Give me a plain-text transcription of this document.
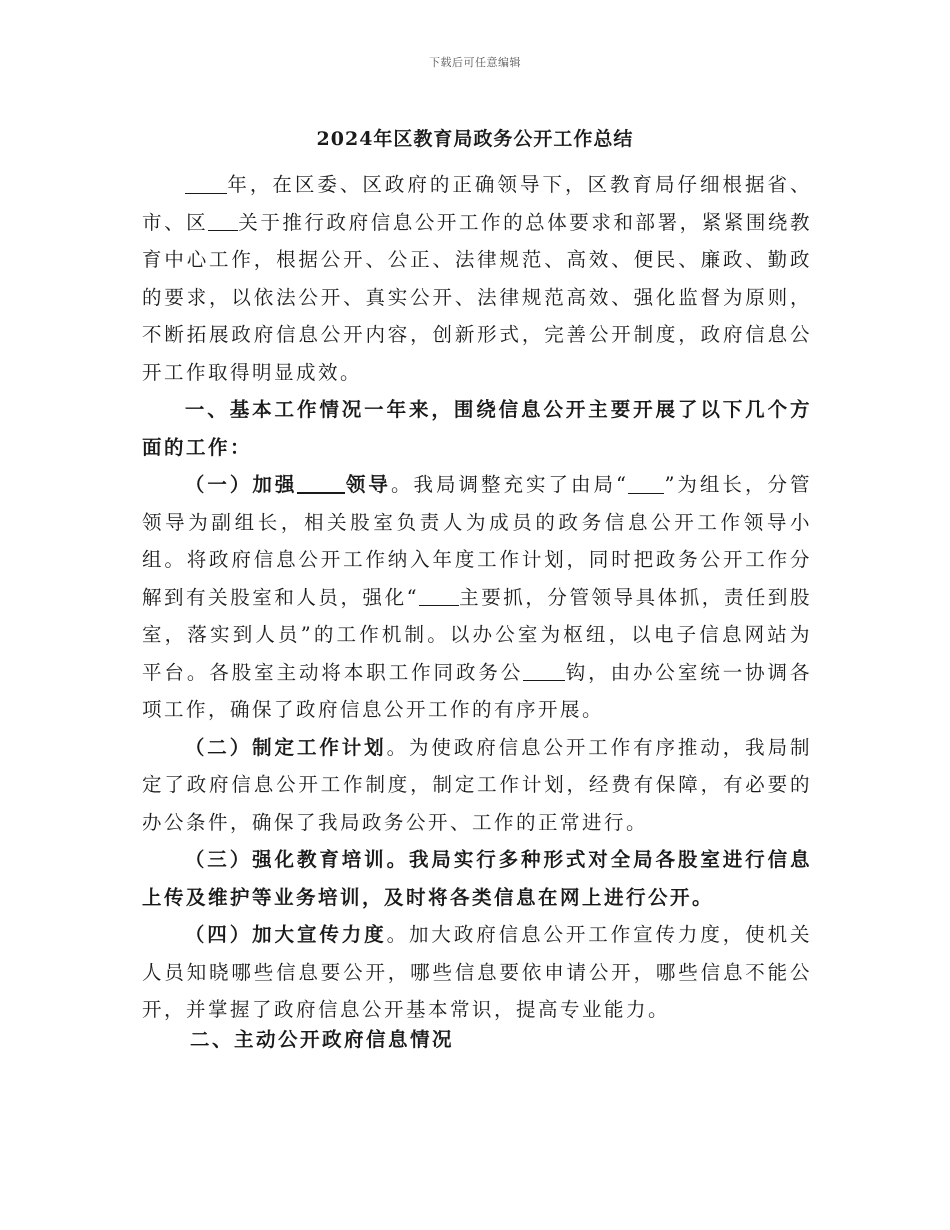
下载后可任意编辑
2024年区教育局政务公开工作总结

年，在区委、区政府的正确领导下，区教育局仔细根据省、市、区 关于推行政府信息公开工作的总体要求和部署，紧紧围绕教育中心工作，根据公开、公正、法律规范、高效、便民、廉政、勤政的要求，以依法公开、真实公开、法律规范高效、强化监督为原则，不断拓展政府信息公开内容，创新形式，完善公开制度，政府信息公开工作取得明显成效。

一、基本工作情况一年来，围绕信息公开主要开展了以下几个方面的工作：

（一）加强 领导。我局调整充实了由局“ ”为组长，分管领导为副组长，相关股室负责人为成员的政务信息公开工作领导小组。将政府信息公开工作纳入年度工作计划，同时把政务公开工作分解到有关股室和人员，强化“ 主要抓，分管领导具体抓，责任到股室，落实到人员”的工作机制。以办公室为枢纽，以电子信息网站为平台。各股室主动将本职工作同政务公 钩，由办公室统一协调各项工作，确保了政府信息公开工作的有序开展。

（二）制定工作计划。为使政府信息公开工作有序推动，我局制定了政府信息公开工作制度，制定工作计划，经费有保障，有必要的办公条件，确保了我局政务公开、工作的正常进行。

（三）强化教育培训。我局实行多种形式对全局各股室进行信息上传及维护等业务培训，及时将各类信息在网上进行公开。

（四）加大宣传力度。加大政府信息公开工作宣传力度，使机关人员知晓哪些信息要公开，哪些信息要依申请公开，哪些信息不能公开，并掌握了政府信息公开基本常识，提高专业能力。

二、主动公开政府信息情况
